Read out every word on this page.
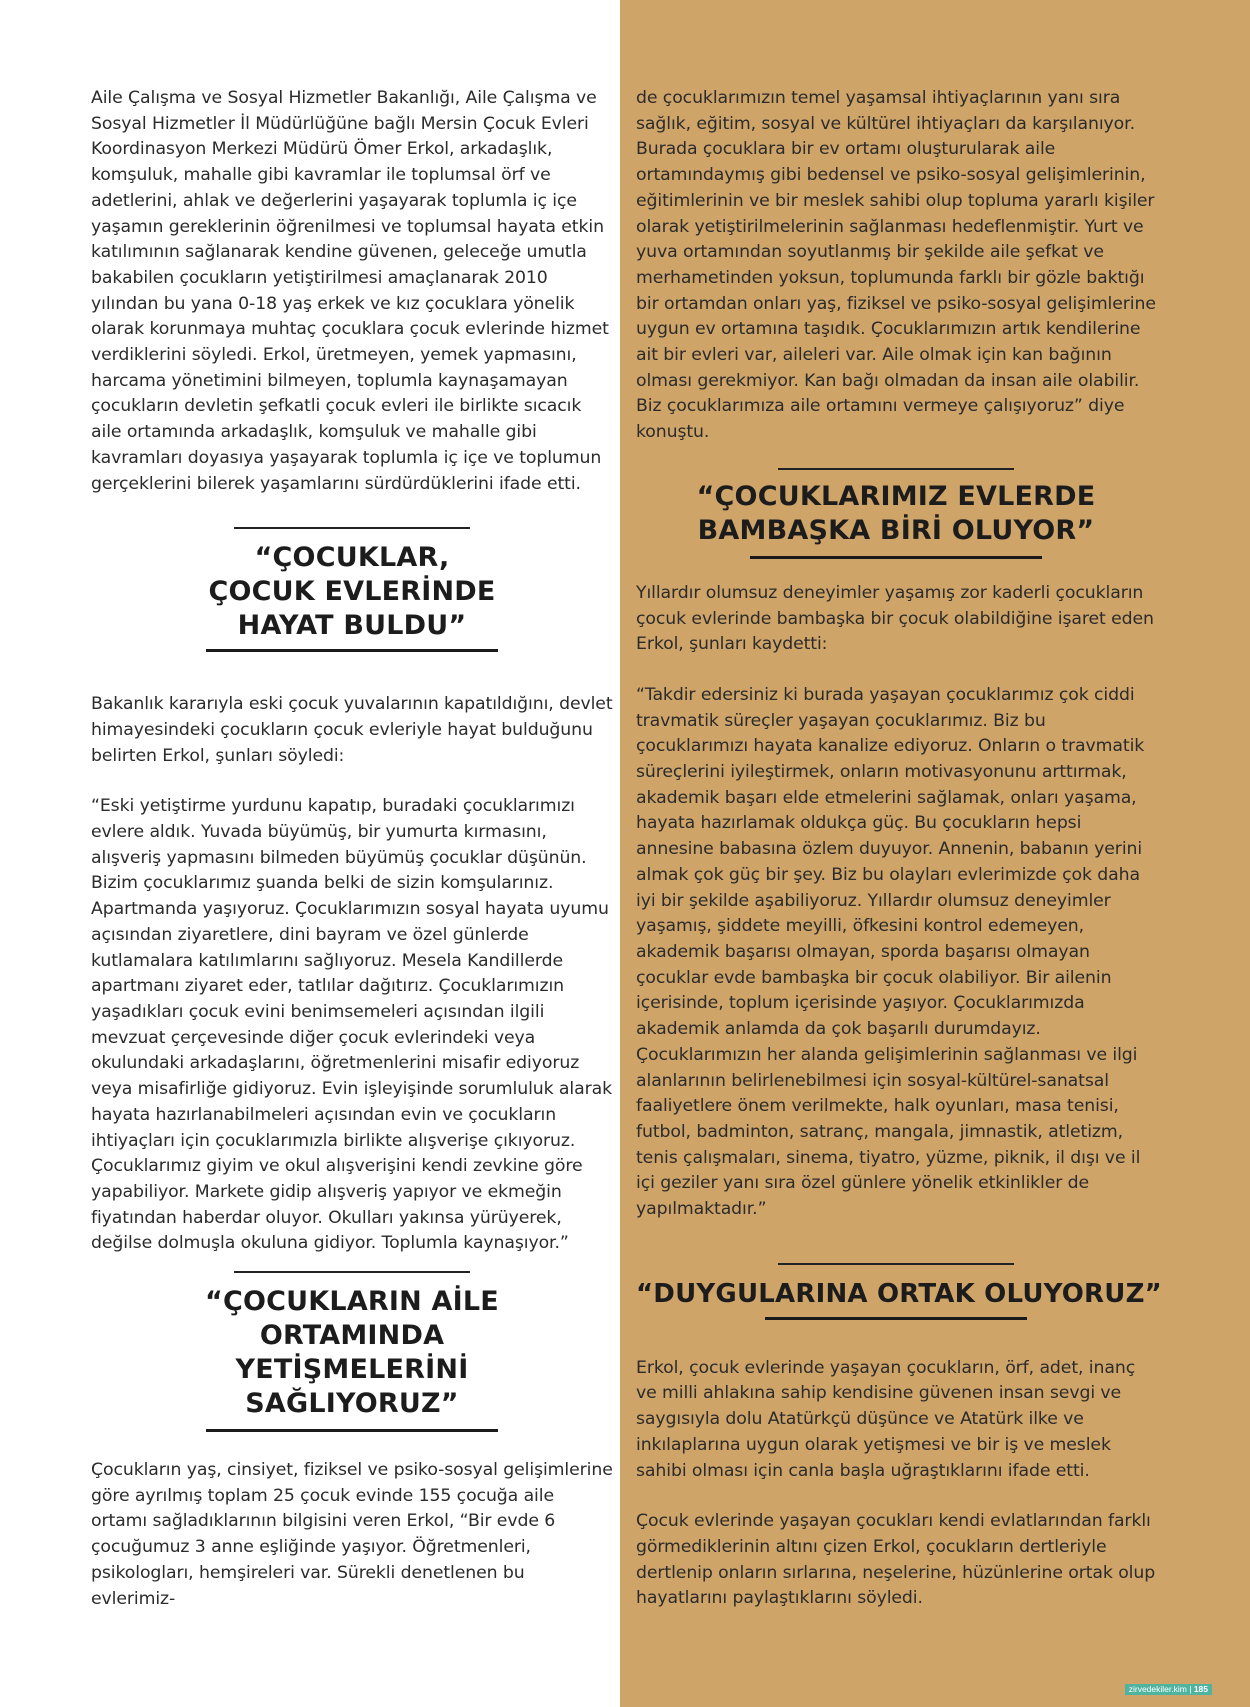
Aile Çalışma ve Sosyal Hizmetler Bakanlığı, Aile Çalışma ve Sosyal Hizmetler İl Müdürlüğüne bağlı Mersin Çocuk Evleri Koordinasyon Merkezi Müdürü Ömer Erkol, arkadaşlık, komşuluk, mahalle gibi kavramlar ile toplumsal örf ve adetlerini, ahlak ve değerlerini yaşayarak toplumla iç içe yaşamın gereklerinin öğrenilmesi ve toplumsal hayata etkin katılımının sağlanarak kendine güvenen, geleceğe umutla bakabilen çocukların yetiştirilmesi amaçlanarak 2010 yılından bu yana 0-18 yaş erkek ve kız çocuklara yönelik olarak korunmaya muhtaç çocuklara çocuk evlerinde hizmet verdiklerini söyledi. Erkol, üretmeyen, yemek yapmasını, harcama yönetimini bilmeyen, toplumla kaynaşamayan çocukların devletin şefkatli çocuk evleri ile birlikte sıcacık aile ortamında arkadaşlık, komşuluk ve mahalle gibi kavramları doyasıya yaşayarak toplumla iç içe ve toplumun gerçeklerini bilerek yaşamlarını sürdürdüklerini ifade etti.

“ÇOCUKLAR, ÇOCUK EVLERİNDE HAYAT BULDU”

Bakanlık kararıyla eski çocuk yuvalarının kapatıldığını, devlet himayesindeki çocukların çocuk evleriyle hayat bulduğunu belirten Erkol, şunları söyledi:

“Eski yetiştirme yurdunu kapatıp, buradaki çocuklarımızı evlere aldık. Yuvada büyümüş, bir yumurta kırmasını, alışveriş yapmasını bilmeden büyümüş çocuklar düşünün. Bizim çocuklarımız şuanda belki de sizin komşularınız. Apartmanda yaşıyoruz. Çocuklarımızın sosyal hayata uyumu açısından ziyaretlere, dini bayram ve özel günlerde kutlamalara katılımlarını sağlıyoruz. Mesela Kandillerde apartmanı ziyaret eder, tatlılar dağıtırız. Çocuklarımızın yaşadıkları çocuk evini benimsemeleri açısından ilgili mevzuat çerçevesinde diğer çocuk evlerindeki veya okulundaki arkadaşlarını, öğretmenlerini misafir ediyoruz veya misafirliğe gidiyoruz. Evin işleyişinde sorumluluk alarak hayata hazırlanabilmeleri açısından evin ve çocukların ihtiyaçları için çocuklarımızla birlikte alışverişe çıkıyoruz. Çocuklarımız giyim ve okul alışverişini kendi zevkine göre yapabiliyor. Markete gidip alışveriş yapıyor ve ekmeğin fiyatından haberdar oluyor. Okulları yakınsa yürüyerek, değilse dolmuşla okuluna gidiyor. Toplumla kaynaşıyor.”

“ÇOCUKLARIN AİLE ORTAMINDA YETİŞMELERİNİ SAĞLIYORUZ”

Çocukların yaş, cinsiyet, fiziksel ve psiko-sosyal gelişimlerine göre ayrılmış toplam 25 çocuk evinde 155 çocuğa aile ortamı sağladıklarının bilgisini veren Erkol, “Bir evde 6 çocuğumuz 3 anne eşliğinde yaşıyor. Öğretmenleri, psikologları, hemşireleri var. Sürekli denetlenen bu evlerimiz-

de çocuklarımızın temel yaşamsal ihtiyaçlarının yanı sıra sağlık, eğitim, sosyal ve kültürel ihtiyaçları da karşılanıyor. Burada çocuklara bir ev ortamı oluşturularak aile ortamındaymış gibi bedensel ve psiko-sosyal gelişimlerinin, eğitimlerinin ve bir meslek sahibi olup topluma yararlı kişiler olarak yetiştirilmelerinin sağlanması hedeflenmiştir. Yurt ve yuva ortamından soyutlanmış bir şekilde aile şefkat ve merhametinden yoksun, toplumunda farklı bir gözle baktığı bir ortamdan onları yaş, fiziksel ve psiko-sosyal gelişimlerine uygun ev ortamına taşıdık. Çocuklarımızın artık kendilerine ait bir evleri var, aileleri var. Aile olmak için kan bağının olması gerekmiyor. Kan bağı olmadan da insan aile olabilir. Biz çocuklarımıza aile ortamını vermeye çalışıyoruz” diye konuştu.

“ÇOCUKLARIMIZ EVLERDE BAMBAŞKA BİRİ OLUYOR”

Yıllardır olumsuz deneyimler yaşamış zor kaderli çocukların çocuk evlerinde bambaşka bir çocuk olabildiğine işaret eden Erkol, şunları kaydetti:

“Takdir edersiniz ki burada yaşayan çocuklarımız çok ciddi travmatik süreçler yaşayan çocuklarımız. Biz bu çocuklarımızı hayata kanalize ediyoruz. Onların o travmatik süreçlerini iyileştirmek, onların motivasyonunu arttırmak, akademik başarı elde etmelerini sağlamak, onları yaşama, hayata hazırlamak oldukça güç. Bu çocukların hepsi annesine babasına özlem duyuyor. Annenin, babanın yerini almak çok güç bir şey. Biz bu olayları evlerimizde çok daha iyi bir şekilde aşabiliyoruz. Yıllardır olumsuz deneyimler yaşamış, şiddete meyilli, öfkesini kontrol edemeyen, akademik başarısı olmayan, sporda başarısı olmayan çocuklar evde bambaşka bir çocuk olabiliyor. Bir ailenin içerisinde, toplum içerisinde yaşıyor. Çocuklarımızda akademik anlamda da çok başarılı durumdayız. Çocuklarımızın her alanda gelişimlerinin sağlanması ve ilgi alanlarının belirlenebilmesi için sosyal-kültürel-sanatsal faaliyetlere önem verilmekte, halk oyunları, masa tenisi, futbol, badminton, satranç, mangala, jimnastik, atletizm, tenis çalışmaları, sinema, tiyatro, yüzme, piknik, il dışı ve il içi geziler yanı sıra özel günlere yönelik etkinlikler de yapılmaktadır.”

“DUYGULARINA ORTAK OLUYORUZ”

Erkol, çocuk evlerinde yaşayan çocukların, örf, adet, inanç ve milli ahlakına sahip kendisine güvenen insan sevgi ve saygısıyla dolu Atatürkçü düşünce ve Atatürk ilke ve inkılaplarına uygun olarak yetişmesi ve bir iş ve meslek sahibi olması için canla başla uğraştıklarını ifade etti.

Çocuk evlerinde yaşayan çocukları kendi evlatlarından farklı görmediklerinin altını çizen Erkol, çocukların dertleriyle dertlenip onların sırlarına, neşelerine, hüzünlerine ortak olup hayatlarını paylaştıklarını söyledi.

zirvedekiler.kim | 185
